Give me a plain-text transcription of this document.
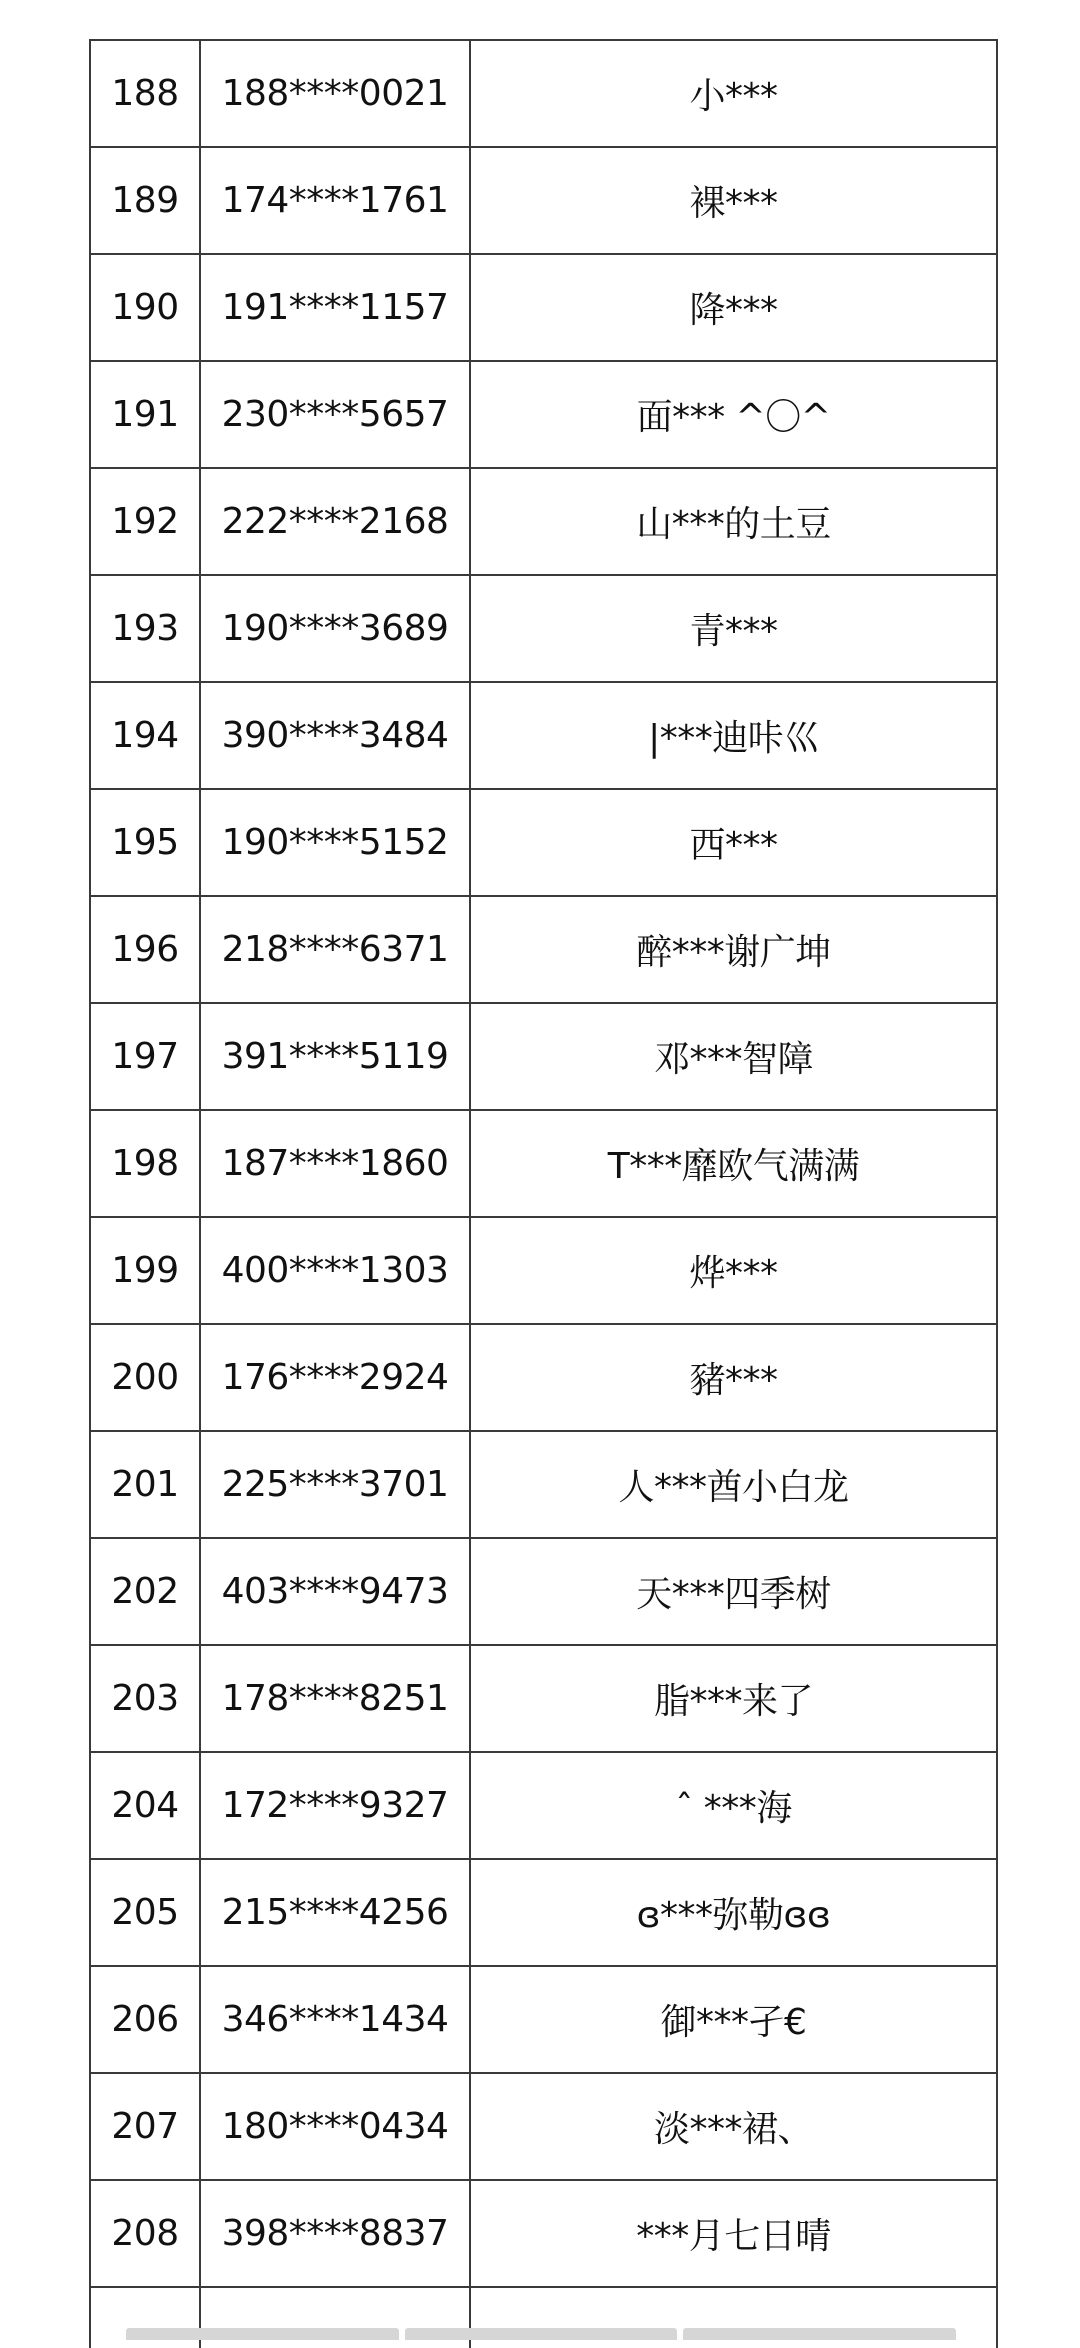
188	188****0021	小***
189	174****1761	裸***
190	191****1157	降***
191	230****5657	面*** ^〇^
192	222****2168	山***的土豆
193	190****3689	青***
194	390****3484	|***迪咔巛
195	190****5152	西***
196	218****6371	醉***谢广坤
197	391****5119	邓***智障
198	187****1860	T***靡欧气满满
199	400****1303	烨***
200	176****2924	豬***
201	225****3701	人***酋小白龙
202	403****9473	天***四季树
203	178****8251	脂***来了
204	172****9327	ˆ ***海
205	215****4256	ɞ***弥勒ɞɞ
206	346****1434	御***孑€
207	180****0434	淡***裙、
208	398****8837	***月七日晴
